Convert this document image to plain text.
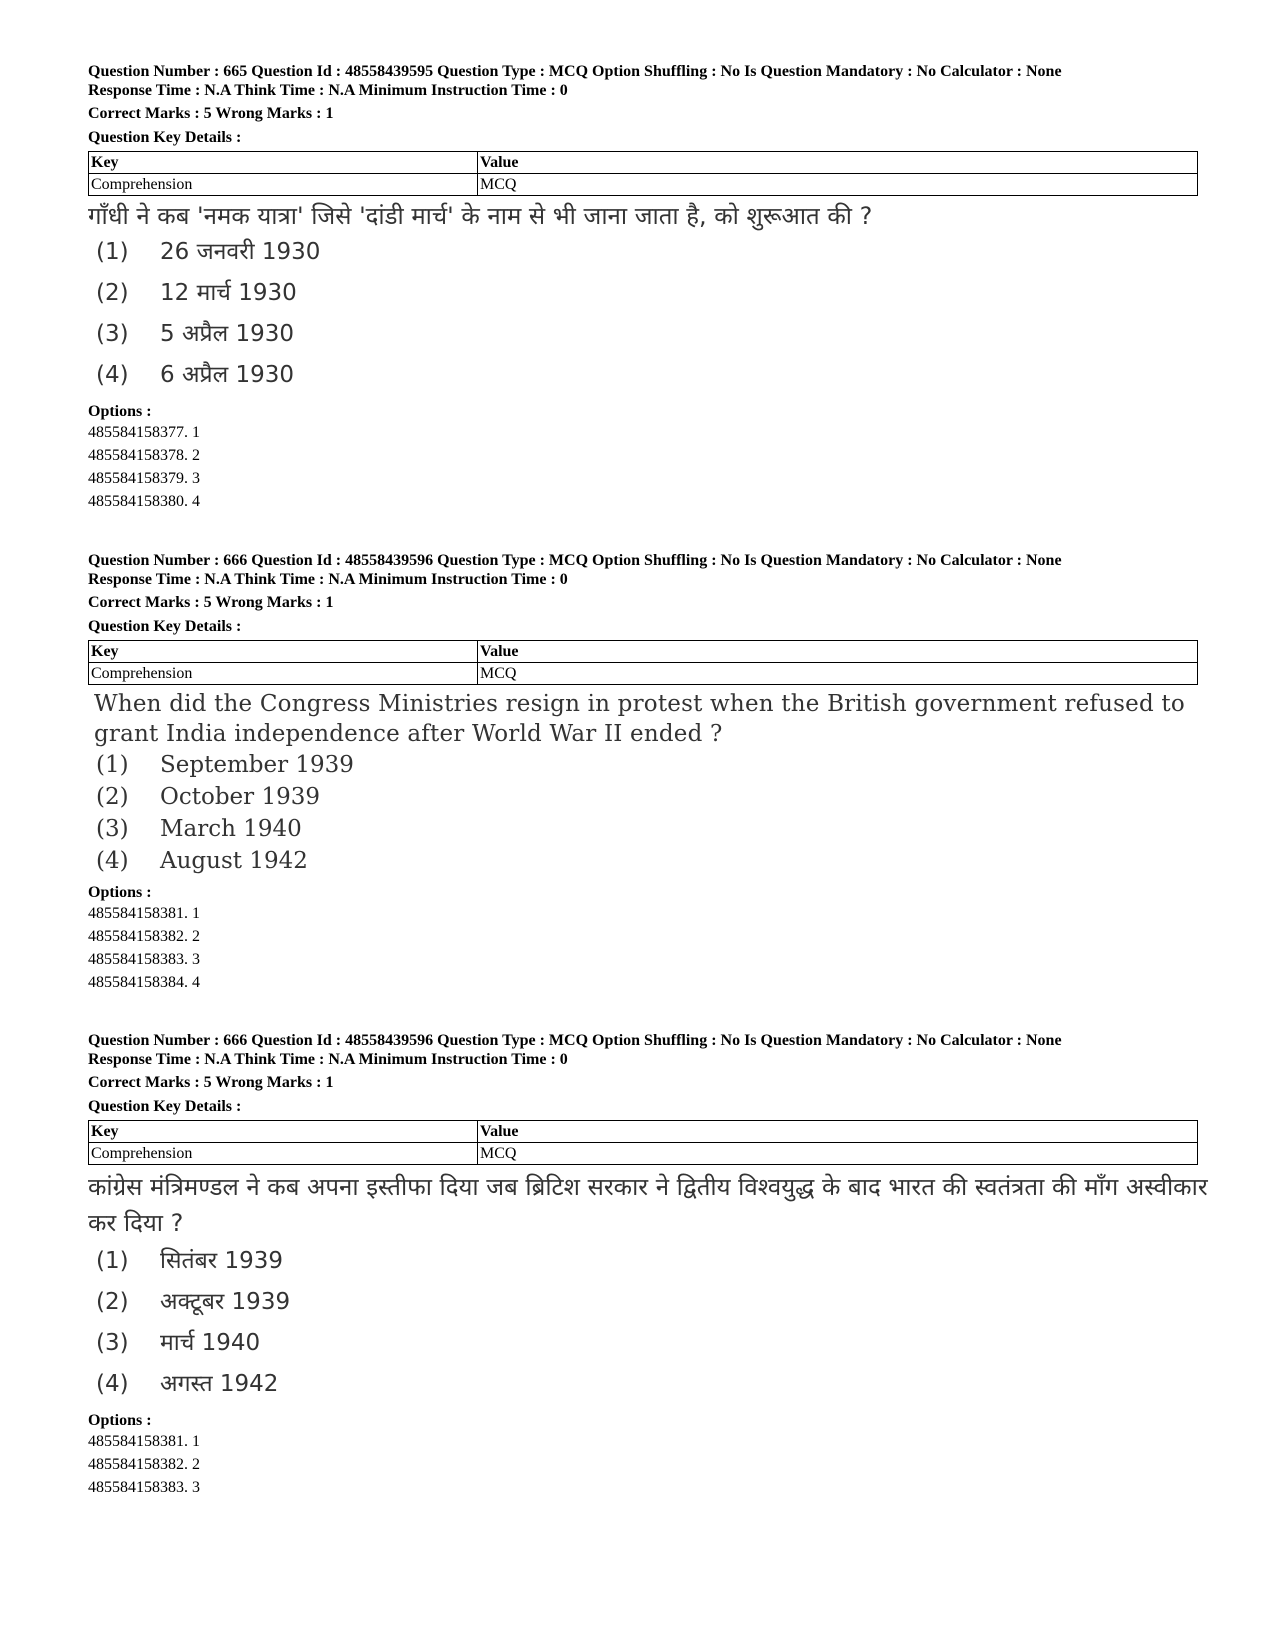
Question Number : 665 Question Id : 48558439595 Question Type : MCQ Option Shuffling : No Is Question Mandatory : No Calculator : None
Response Time : N.A Think Time : N.A Minimum Instruction Time : 0
Correct Marks : 5 Wrong Marks : 1
Question Key Details :
Key	Value
Comprehension	MCQ
गाँधी ने कब 'नमक यात्रा' जिसे 'दांडी मार्च' के नाम से भी जाना जाता है, को शुरूआत की ?
(1)	26 जनवरी 1930
(2)	12 मार्च 1930
(3)	5 अप्रैल 1930
(4)	6 अप्रैल 1930
Options :
485584158377. 1
485584158378. 2
485584158379. 3
485584158380. 4
Question Number : 666 Question Id : 48558439596 Question Type : MCQ Option Shuffling : No Is Question Mandatory : No Calculator : None
Response Time : N.A Think Time : N.A Minimum Instruction Time : 0
Correct Marks : 5 Wrong Marks : 1
Question Key Details :
Key	Value
Comprehension	MCQ
When did the Congress Ministries resign in protest when the British government refused to grant India independence after World War II ended ?
(1)	September 1939
(2)	October 1939
(3)	March 1940
(4)	August 1942
Options :
485584158381. 1
485584158382. 2
485584158383. 3
485584158384. 4
Question Number : 666 Question Id : 48558439596 Question Type : MCQ Option Shuffling : No Is Question Mandatory : No Calculator : None
Response Time : N.A Think Time : N.A Minimum Instruction Time : 0
Correct Marks : 5 Wrong Marks : 1
Question Key Details :
Key	Value
Comprehension	MCQ
कांग्रेस मंत्रिमण्डल ने कब अपना इस्तीफा दिया जब ब्रिटिश सरकार ने द्वितीय विश्वयुद्ध के बाद भारत की स्वतंत्रता की माँग अस्वीकार कर दिया ?
(1)	सितंबर 1939
(2)	अक्टूबर 1939
(3)	मार्च 1940
(4)	अगस्त 1942
Options :
485584158381. 1
485584158382. 2
485584158383. 3
